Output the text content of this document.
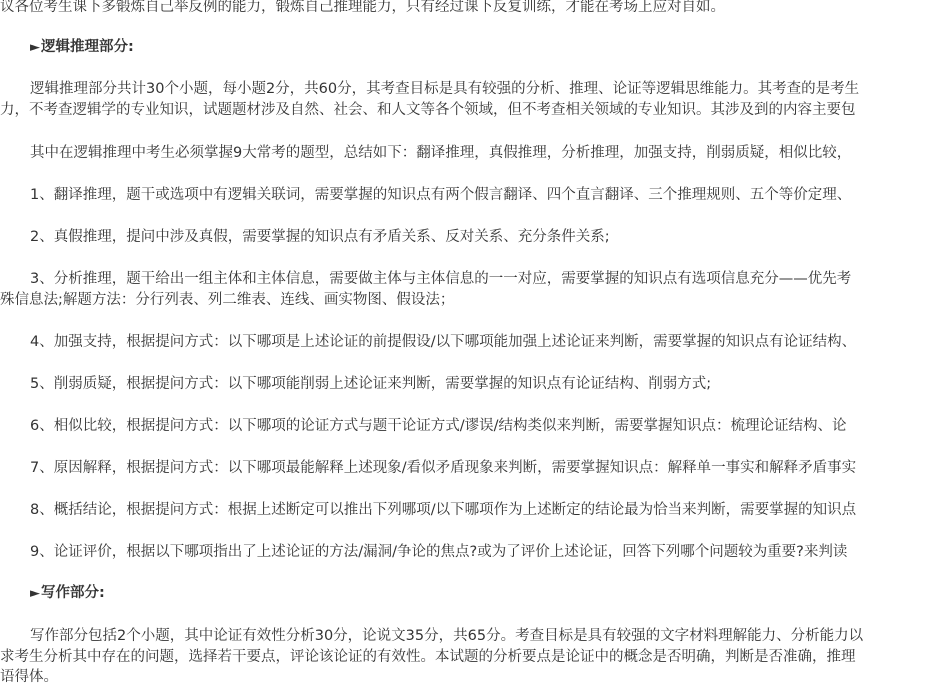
议各位考生课下多锻炼自己举反例的能力，锻炼自己推理能力，只有经过课下反复训练，才能在考场上应对自如。
►逻辑推理部分:
逻辑推理部分共计30个小题，每小题2分，共60分，其考查目标是具有较强的分析、推理、论证等逻辑思维能力。其考查的是考生
力，不考查逻辑学的专业知识，试题题材涉及自然、社会、和人文等各个领域，但不考查相关领域的专业知识。其涉及到的内容主要包
其中在逻辑推理中考生必须掌握9大常考的题型，总结如下：翻译推理，真假推理，分析推理，加强支持，削弱质疑，相似比较，
1、翻译推理，题干或选项中有逻辑关联词，需要掌握的知识点有两个假言翻译、四个直言翻译、三个推理规则、五个等价定理、
2、真假推理，提问中涉及真假，需要掌握的知识点有矛盾关系、反对关系、充分条件关系;
3、分析推理，题干给出一组主体和主体信息，需要做主体与主体信息的一一对应，需要掌握的知识点有选项信息充分——优先考
殊信息法;解题方法：分行列表、列二维表、连线、画实物图、假设法；
4、加强支持，根据提问方式：以下哪项是上述论证的前提假设/以下哪项能加强上述论证来判断，需要掌握的知识点有论证结构、
5、削弱质疑，根据提问方式：以下哪项能削弱上述论证来判断，需要掌握的知识点有论证结构、削弱方式;
6、相似比较，根据提问方式：以下哪项的论证方式与题干论证方式/谬误/结构类似来判断，需要掌握知识点：梳理论证结构、论
7、原因解释，根据提问方式：以下哪项最能解释上述现象/看似矛盾现象来判断，需要掌握知识点：解释单一事实和解释矛盾事实
8、概括结论，根据提问方式：根据上述断定可以推出下列哪项/以下哪项作为上述断定的结论最为恰当来判断，需要掌握的知识点
9、论证评价，根据以下哪项指出了上述论证的方法/漏洞/争论的焦点?或为了评价上述论证，回答下列哪个问题较为重要?来判读
►写作部分:
写作部分包括2个小题，其中论证有效性分析30分，论说文35分，共65分。考查目标是具有较强的文字材料理解能力、分析能力以
求考生分析其中存在的问题，选择若干要点，评论该论证的有效性。本试题的分析要点是论证中的概念是否明确，判断是否准确，推理
语得体。
